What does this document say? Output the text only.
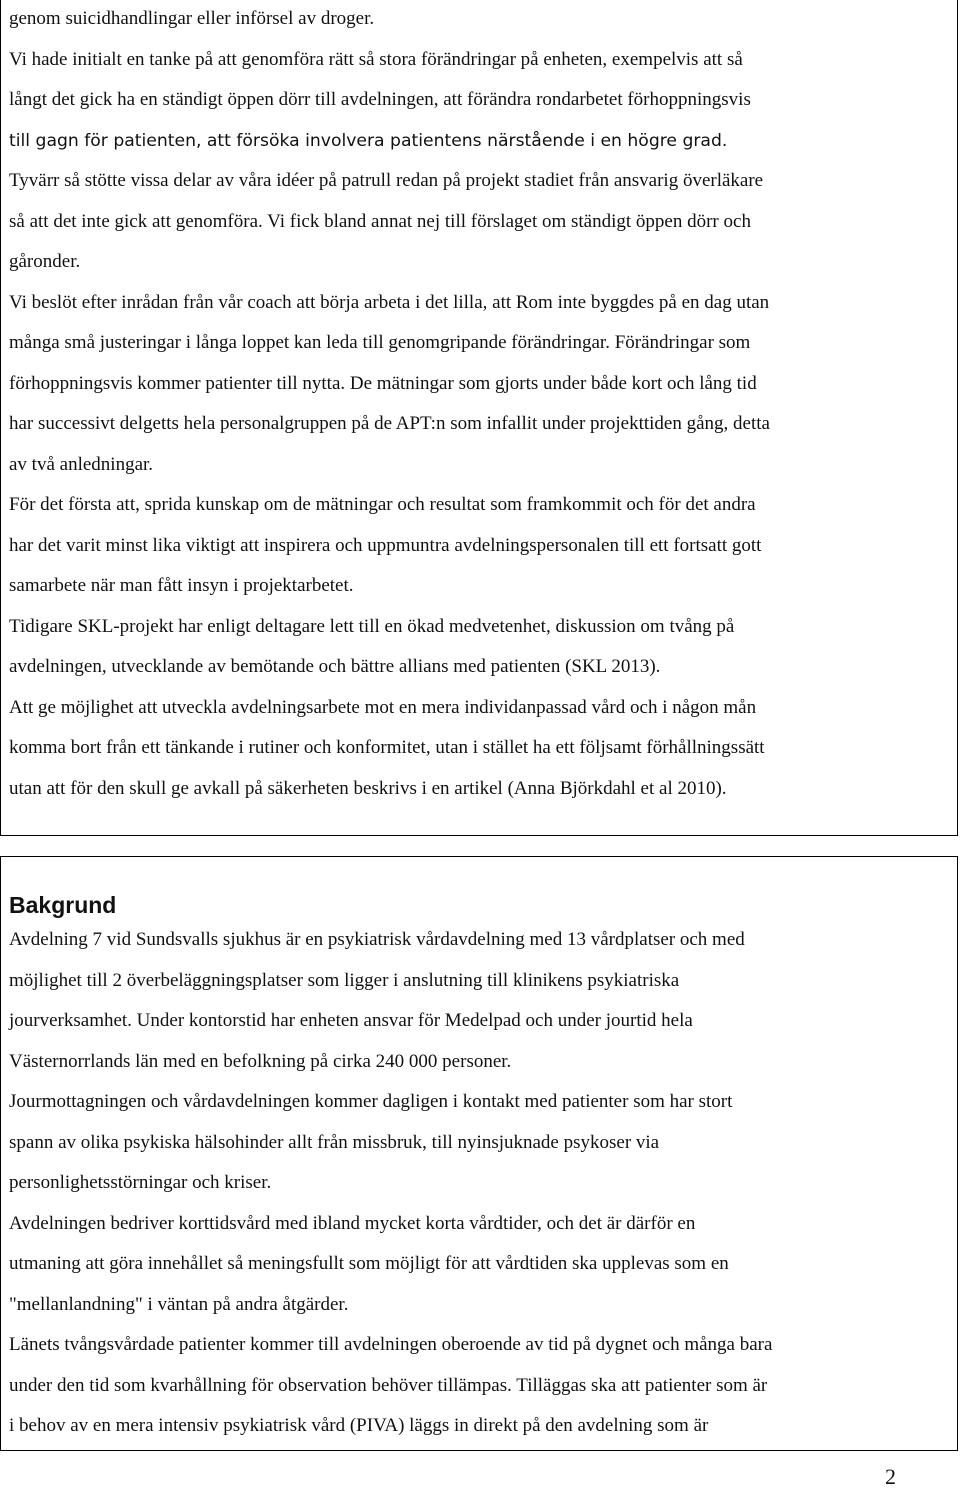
genom suicidhandlingar eller införsel av droger.
Vi hade initialt en tanke på att genomföra rätt så stora förändringar på enheten, exempelvis att så
långt det gick ha en ständigt öppen dörr till avdelningen, att förändra rondarbetet förhoppningsvis
till gagn för patienten, att försöka involvera patientens närstående i en högre grad.
Tyvärr så stötte vissa delar av våra idéer på patrull redan på projekt stadiet från ansvarig överläkare
så att det inte gick att genomföra. Vi fick bland annat nej till förslaget om ständigt öppen dörr och
gåronder.
Vi beslöt efter inrådan från vår coach att börja arbeta i det lilla, att Rom inte byggdes på en dag utan
många små justeringar i långa loppet kan leda till genomgripande förändringar. Förändringar som
förhoppningsvis kommer patienter till nytta. De mätningar som gjorts under både kort och lång tid
har successivt delgetts hela personalgruppen på de APT:n som infallit under projekttiden gång, detta
av två anledningar.
För det första att, sprida kunskap om de mätningar och resultat som framkommit och för det andra
har det varit minst lika viktigt att inspirera och uppmuntra avdelningspersonalen till ett fortsatt gott
samarbete när man fått insyn i projektarbetet.
Tidigare SKL-projekt har enligt deltagare lett till en ökad medvetenhet, diskussion om tvång på
avdelningen, utvecklande av bemötande och bättre allians med patienten (SKL 2013).
Att ge möjlighet att utveckla avdelningsarbete mot en mera individanpassad vård och i någon mån
komma bort från ett tänkande i rutiner och konformitet, utan i stället ha ett följsamt förhållningssätt
utan att för den skull ge avkall på säkerheten beskrivs i en artikel (Anna Björkdahl et al 2010).
Bakgrund
Avdelning 7 vid Sundsvalls sjukhus är en psykiatrisk vårdavdelning med 13 vårdplatser och med
möjlighet till 2 överbeläggningsplatser som ligger i anslutning till klinikens psykiatriska
jourverksamhet. Under kontorstid har enheten ansvar för Medelpad och under jourtid hela
Västernorrlands län med en befolkning på cirka 240 000 personer.
Jourmottagningen och vårdavdelningen kommer dagligen i kontakt med patienter som har stort
spann av olika psykiska hälsohinder allt från missbruk, till nyinsjuknade psykoser via
personlighetsstörningar och kriser.
Avdelningen bedriver korttidsvård med ibland mycket korta vårdtider, och det är därför en
utmaning att göra innehållet så meningsfullt som möjligt för att vårdtiden ska upplevas som en
"mellanlandning" i väntan på andra åtgärder.
Länets tvångsvårdade patienter kommer till avdelningen oberoende av tid på dygnet och många bara
under den tid som kvarhållning för observation behöver tillämpas. Tilläggas ska att patienter som är
i behov av en mera intensiv psykiatrisk vård (PIVA) läggs in direkt på den avdelning som är
2
